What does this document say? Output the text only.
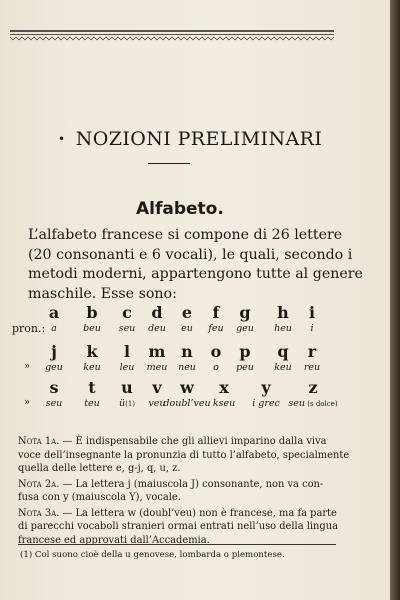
• NOZIONI PRELIMINARI
Alfabeto.
L’alfabeto francese si compone di 26 lettere
(20 consonanti e 6 vocali), le quali, secondo i
metodi moderni, appartengono tutte al genere
maschile. Esse sono:
pron.:
a
a
b
beu
c
seu
d
deu
e
eu
f
feu
g
geu
h
heu
i
i
»
j
geu
k
keu
l
leu
m
meu
n
neu
o
o
p
peu
q
keu
r
reu
»
s
seu
t
teu
u
ü(1)
v
veu
w
doubl’veu
x
kseu
y
i grec
z
seu (s dolce)
Nota 1a. — È indispensabile che gli allievi imparino dalla viva
voce dell’insegnante la pronunzia di tutto l’alfabeto, specialmente
quella delle lettere e, g-j, q, u, z.
Nota 2a. — La lettera j (maiuscola J) consonante, non va con-
fusa con y (maiuscola Y), vocale.
Nota 3a. — La lettera w (doubl’veu) non è francese, ma fa parte
di parecchi vocaboli stranieri ormai entrati nell’uso della lingua
francese ed approvati dall’Accademia.
(1) Col suono cioè della u genovese, lombarda o piemontese.
